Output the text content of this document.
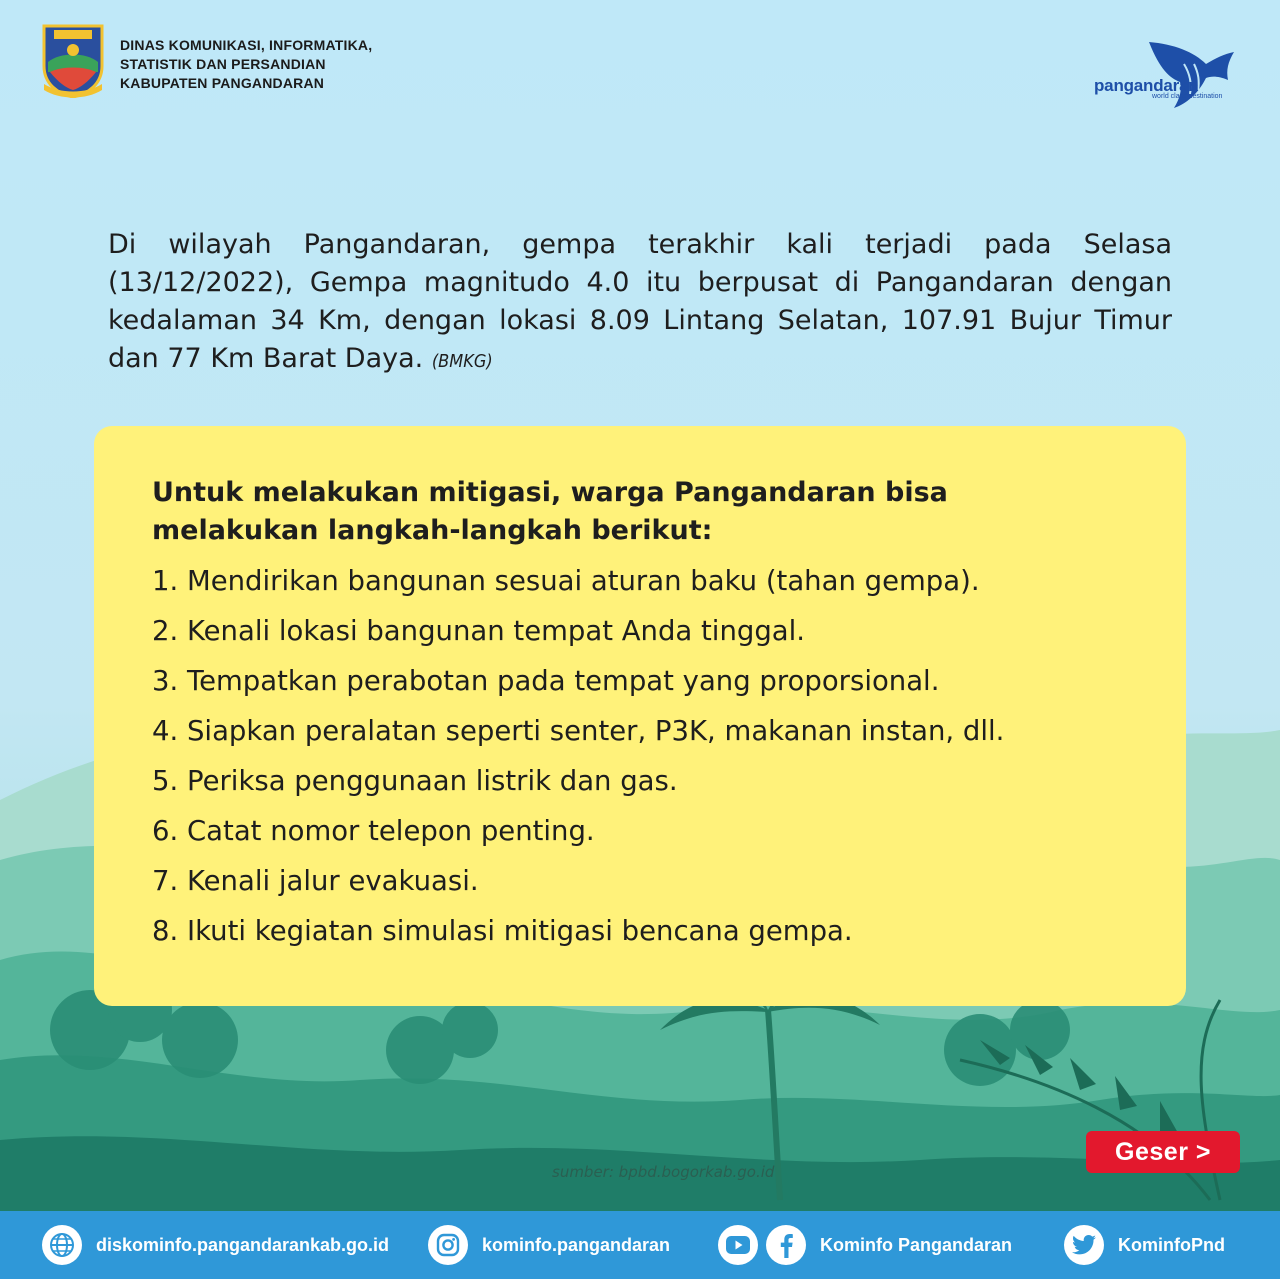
DINAS KOMUNIKASI, INFORMATIKA,
STATISTIK DAN PERSANDIAN
KABUPATEN PANGANDARAN	pangandaran
world class destination

Di wilayah Pangandaran, gempa terakhir kali terjadi pada Selasa (13/12/2022), Gempa magnitudo 4.0 itu berpusat di Pangandaran dengan kedalaman 34 Km, dengan lokasi 8.09 Lintang Selatan, 107.91 Bujur Timur dan 77 Km Barat Daya. (BMKG)

Untuk melakukan mitigasi, warga Pangandaran bisa melakukan langkah-langkah berikut:
1. Mendirikan bangunan sesuai aturan baku (tahan gempa).
2. Kenali lokasi bangunan tempat Anda tinggal.
3. Tempatkan perabotan pada tempat yang proporsional.
4. Siapkan peralatan seperti senter, P3K, makanan instan, dll.
5. Periksa penggunaan listrik dan gas.
6. Catat nomor telepon penting.
7. Kenali jalur evakuasi.
8. Ikuti kegiatan simulasi mitigasi bencana gempa.
sumber: bpbd.bogorkab.go.id
Geser >
diskominfo.pangandarankab.go.id	kominfo.pangandaran	Kominfo Pangandaran	KominfoPnd
